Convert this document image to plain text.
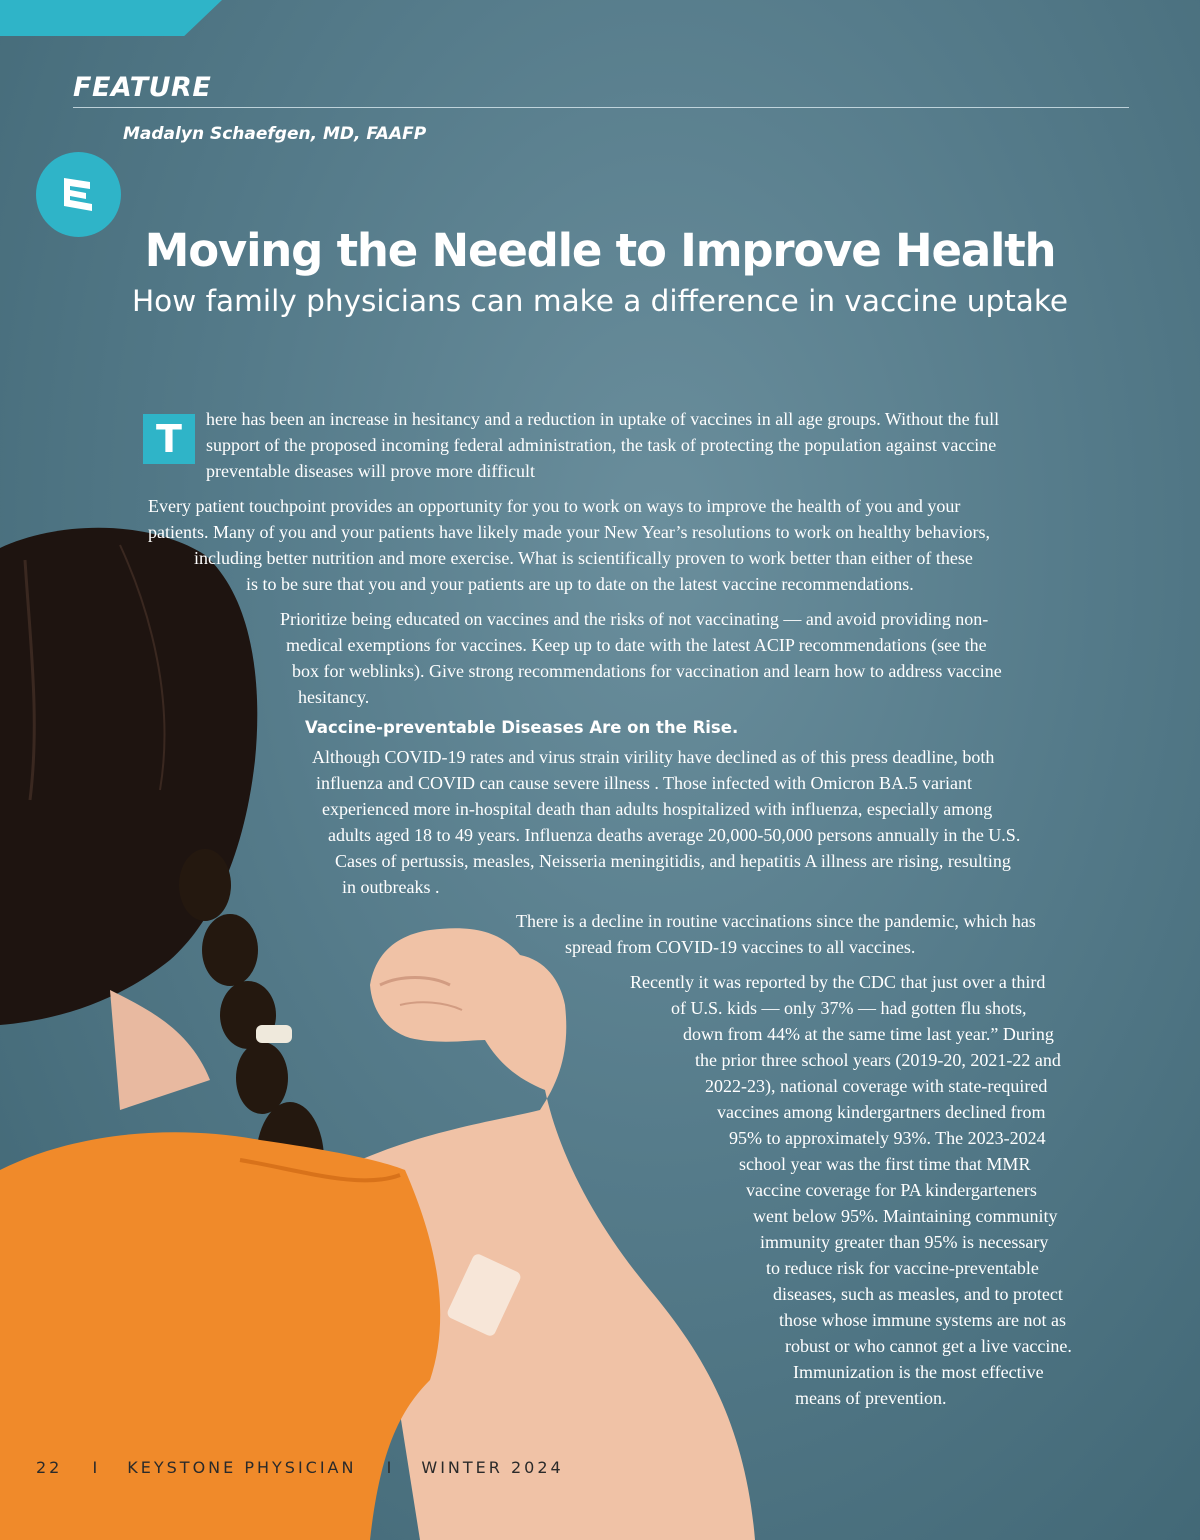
FEATURE
Madalyn Schaefgen, MD, FAAFP
Moving the Needle to Improve Health
How family physicians can make a difference in vaccine uptake
T	here has been an increase in hesitancy and a reduction in uptake of vaccines in all age groups. Without the full
support of the proposed incoming federal administration, the task of protecting the population against vaccine
preventable diseases will prove more difficult
Every patient touchpoint provides an opportunity for you to work on ways to improve the health of you and your
patients. Many of you and your patients have likely made your New Year’s resolutions to work on healthy behaviors,
including better nutrition and more exercise. What is scientifically proven to work better than either of these
is to be sure that you and your patients are up to date on the latest vaccine recommendations.
Prioritize being educated on vaccines and the risks of not vaccinating — and avoid providing non-
medical exemptions for vaccines. Keep up to date with the latest ACIP recommendations (see the
box for weblinks). Give strong recommendations for vaccination and learn how to address vaccine
hesitancy.
Vaccine-preventable Diseases Are on the Rise.
Although COVID-19 rates and virus strain virility have declined as of this press deadline, both
influenza and COVID can cause severe illness . Those infected with Omicron BA.5 variant
experienced more in-hospital death than adults hospitalized with influenza, especially among
adults aged 18 to 49 years. Influenza deaths average 20,000-50,000 persons annually in the U.S.
Cases of pertussis, measles, Neisseria meningitidis, and hepatitis A illness are rising, resulting
in outbreaks .
There is a decline in routine vaccinations since the pandemic, which has
spread from COVID-19 vaccines to all vaccines.
Recently it was reported by the CDC that just over a third
of U.S. kids — only 37% — had gotten flu shots,
down from 44% at the same time last year.” During
the prior three school years (2019-20, 2021-22 and
2022-23), national coverage with state-required
vaccines among kindergartners declined from
95% to approximately 93%. The 2023-2024
school year was the first time that MMR
vaccine coverage for PA kindergarteners
went below 95%. Maintaining community
immunity greater than 95% is necessary
to reduce risk for vaccine-preventable
diseases, such as measles, and to protect
those whose immune systems are not as
robust or who cannot get a live vaccine.
Immunization is the most effective
means of prevention.
22 I KEYSTONE PHYSICIAN I WINTER 2024
